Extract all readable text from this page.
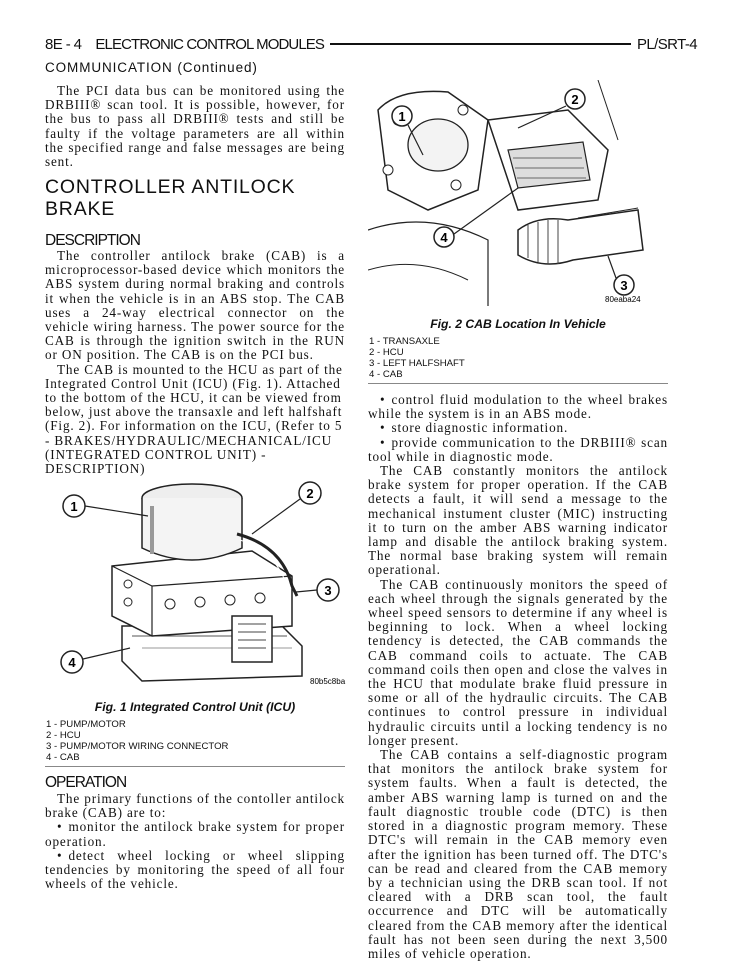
8E - 4 ELECTRONIC CONTROL MODULES	PL/SRT-4
COMMUNICATION (Continued)

The PCI data bus can be monitored using the DRBIII® scan tool. It is possible, however, for the bus to pass all DRBIII® tests and still be faulty if the voltage parameters are all within the specified range and false messages are being sent.

CONTROLLER ANTILOCK
BRAKE
DESCRIPTION

The controller antilock brake (CAB) is a microprocessor-based device which monitors the ABS system during normal braking and controls it when the vehicle is in an ABS stop. The CAB uses a 24-way electrical connector on the vehicle wiring harness. The power source for the CAB is through the ignition switch in the RUN or ON position. The CAB is on the PCI bus.

The CAB is mounted to the HCU as part of the Integrated Control Unit (ICU) (Fig. 1). Attached to the bottom of the HCU, it can be viewed from below, just above the transaxle and left halfshaft (Fig. 2). For information on the ICU, (Refer to 5 - BRAKES/HYDRAULIC/MECHANICAL/ICU (INTEGRATED CONTROL UNIT) - DESCRIPTION)

1
2
3
4
80b5c8ba
Fig. 1 Integrated Control Unit (ICU)
1 - PUMP/MOTOR
2 - HCU
3 - PUMP/MOTOR WIRING CONNECTOR
4 - CAB
OPERATION

The primary functions of the contoller antilock brake (CAB) are to:

• monitor the antilock brake system for proper operation.

• detect wheel locking or wheel slipping tendencies by monitoring the speed of all four wheels of the vehicle.

1
2
3
4
80eaba24
Fig. 2 CAB Location In Vehicle
1 - TRANSAXLE
2 - HCU
3 - LEFT HALFSHAFT
4 - CAB

• control fluid modulation to the wheel brakes while the system is in an ABS mode.

• store diagnostic information.

• provide communication to the DRBIII® scan tool while in diagnostic mode.

The CAB constantly monitors the antilock brake system for proper operation. If the CAB detects a fault, it will send a message to the mechanical instument cluster (MIC) instructing it to turn on the amber ABS warning indicator lamp and disable the antilock braking system. The normal base braking system will remain operational.

The CAB continuously monitors the speed of each wheel through the signals generated by the wheel speed sensors to determine if any wheel is beginning to lock. When a wheel locking tendency is detected, the CAB commands the CAB command coils to actuate. The CAB command coils then open and close the valves in the HCU that modulate brake fluid pressure in some or all of the hydraulic circuits. The CAB continues to control pressure in individual hydraulic circuits until a locking tendency is no longer present.

The CAB contains a self-diagnostic program that monitors the antilock brake system for system faults. When a fault is detected, the amber ABS warning lamp is turned on and the fault diagnostic trouble code (DTC) is then stored in a diagnostic program memory. These DTC's will remain in the CAB memory even after the ignition has been turned off. The DTC's can be read and cleared from the CAB memory by a technician using the DRB scan tool. If not cleared with a DRB scan tool, the fault occurrence and DTC will be automatically cleared from the CAB memory after the identical fault has not been seen during the next 3,500 miles of vehicle operation.
